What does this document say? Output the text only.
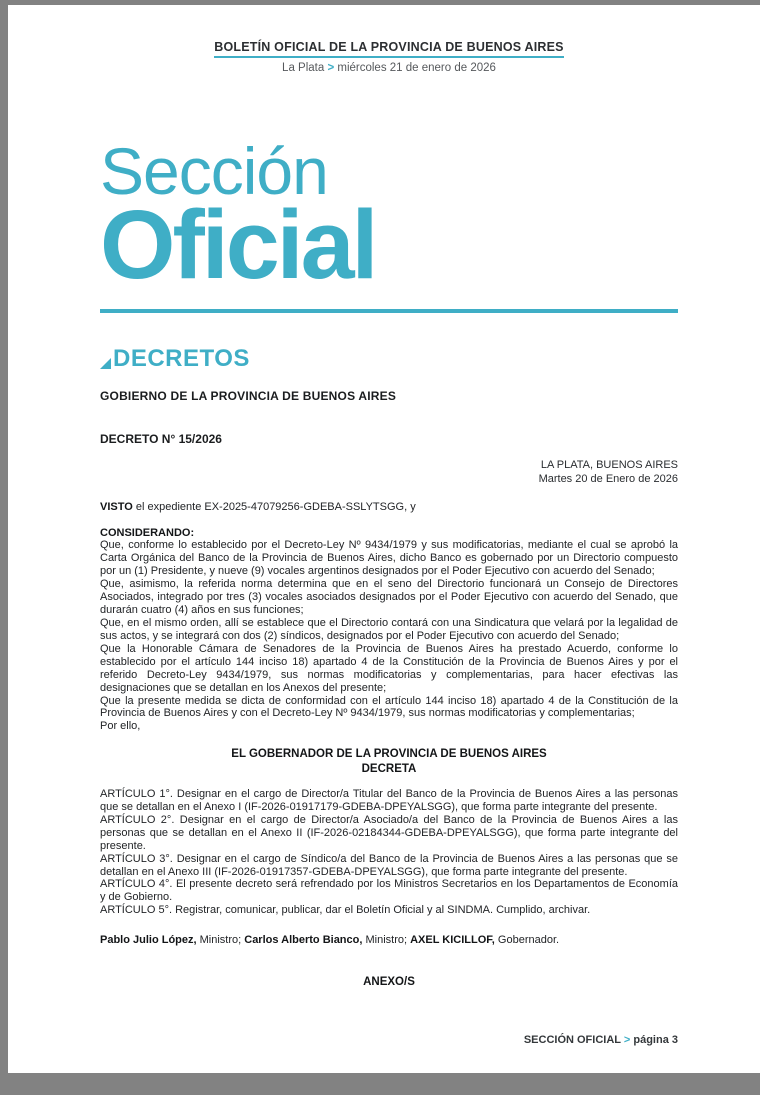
BOLETÍN OFICIAL DE LA PROVINCIA DE BUENOS AIRES
La Plata > miércoles 21 de enero de 2026
Sección
Oficial
DECRETOS
GOBIERNO DE LA PROVINCIA DE BUENOS AIRES
DECRETO N° 15/2026
LA PLATA, BUENOS AIRES
Martes 20 de Enero de 2026
VISTO el expediente EX-2025-47079256-GDEBA-SSLYTSGG, y
CONSIDERANDO:

Que, conforme lo establecido por el Decreto-Ley Nº 9434/1979 y sus modificatorias, mediante el cual se aprobó la Carta Orgánica del Banco de la Provincia de Buenos Aires, dicho Banco es gobernado por un Directorio compuesto por un (1) Presidente, y nueve (9) vocales argentinos designados por el Poder Ejecutivo con acuerdo del Senado;

Que, asimismo, la referida norma determina que en el seno del Directorio funcionará un Consejo de Directores Asociados, integrado por tres (3) vocales asociados designados por el Poder Ejecutivo con acuerdo del Senado, que durarán cuatro (4) años en sus funciones;

Que, en el mismo orden, allí se establece que el Directorio contará con una Sindicatura que velará por la legalidad de sus actos, y se integrará con dos (2) síndicos, designados por el Poder Ejecutivo con acuerdo del Senado;

Que la Honorable Cámara de Senadores de la Provincia de Buenos Aires ha prestado Acuerdo, conforme lo establecido por el artículo 144 inciso 18) apartado 4 de la Constitución de la Provincia de Buenos Aires y por el referido Decreto-Ley 9434/1979, sus normas modificatorias y complementarias, para hacer efectivas las designaciones que se detallan en los Anexos del presente;

Que la presente medida se dicta de conformidad con el artículo 144 inciso 18) apartado 4 de la Constitución de la Provincia de Buenos Aires y con el Decreto-Ley Nº 9434/1979, sus normas modificatorias y complementarias;

Por ello,

EL GOBERNADOR DE LA PROVINCIA DE BUENOS AIRES
DECRETA

ARTÍCULO 1°. Designar en el cargo de Director/a Titular del Banco de la Provincia de Buenos Aires a las personas que se detallan en el Anexo I (IF-2026-01917179-GDEBA-DPEYALSGG), que forma parte integrante del presente.

ARTÍCULO 2°. Designar en el cargo de Director/a Asociado/a del Banco de la Provincia de Buenos Aires a las personas que se detallan en el Anexo II (IF-2026-02184344-GDEBA-DPEYALSGG), que forma parte integrante del presente.

ARTÍCULO 3°. Designar en el cargo de Síndico/a del Banco de la Provincia de Buenos Aires a las personas que se detallan en el Anexo III (IF-2026-01917357-GDEBA-DPEYALSGG), que forma parte integrante del presente.

ARTÍCULO 4°. El presente decreto será refrendado por los Ministros Secretarios en los Departamentos de Economía y de Gobierno.

ARTÍCULO 5°. Registrar, comunicar, publicar, dar el Boletín Oficial y al SINDMA. Cumplido, archivar.

Pablo Julio López, Ministro; Carlos Alberto Bianco, Ministro; AXEL KICILLOF, Gobernador.
ANEXO/S
SECCIÓN OFICIAL > página 3
